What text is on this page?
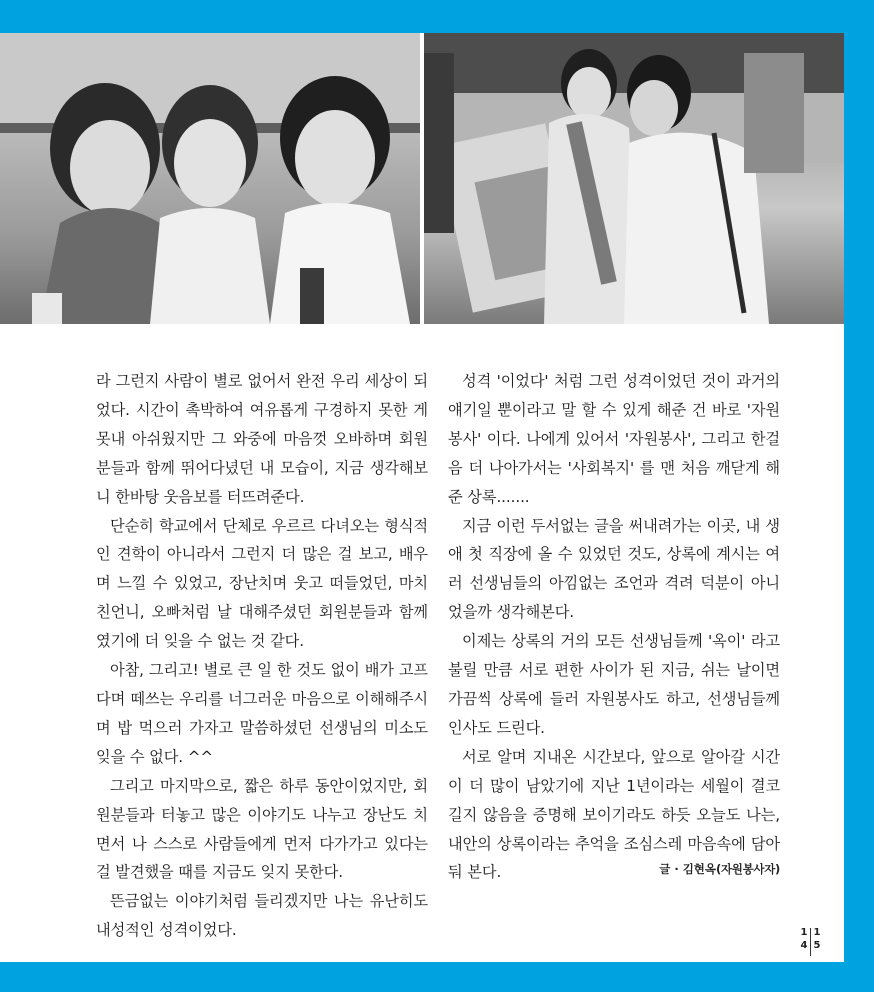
라 그런지 사람이 별로 없어서 완전 우리 세상이 되었다. 시간이 촉박하여 여유롭게 구경하지 못한 게 못내 아쉬웠지만 그 와중에 마음껏 오바하며 회원분들과 함께 뛰어다녔던 내 모습이, 지금 생각해보니 한바탕 웃음보를 터뜨려준다.

단순히 학교에서 단체로 우르르 다녀오는 형식적인 견학이 아니라서 그런지 더 많은 걸 보고, 배우며 느낄 수 있었고, 장난치며 웃고 떠들었던, 마치 친언니, 오빠처럼 날 대해주셨던 회원분들과 함께였기에 더 잊을 수 없는 것 같다.

아참, 그리고! 별로 큰 일 한 것도 없이 배가 고프다며 떼쓰는 우리를 너그러운 마음으로 이해해주시며 밥 먹으러 가자고 말씀하셨던 선생님의 미소도 잊을 수 없다. ^^

그리고 마지막으로, 짧은 하루 동안이었지만, 회원분들과 터놓고 많은 이야기도 나누고 장난도 치면서 나 스스로 사람들에게 먼저 다가가고 있다는 걸 발견했을 때를 지금도 잊지 못한다.

뜬금없는 이야기처럼 들리겠지만 나는 유난히도 내성적인 성격이었다.

성격 '이었다' 처럼 그런 성격이었던 것이 과거의 얘기일 뿐이라고 말 할 수 있게 해준 건 바로 '자원봉사' 이다. 나에게 있어서 '자원봉사', 그리고 한걸음 더 나아가서는 '사회복지' 를 맨 처음 깨닫게 해준 상록.......

지금 이런 두서없는 글을 써내려가는 이곳, 내 생애 첫 직장에 올 수 있었던 것도, 상록에 계시는 여러 선생님들의 아낌없는 조언과 격려 덕분이 아니었을까 생각해본다.

이제는 상록의 거의 모든 선생님들께 '옥이' 라고 불릴 만큼 서로 편한 사이가 된 지금, 쉬는 날이면 가끔씩 상록에 들러 자원봉사도 하고, 선생님들께 인사도 드린다.

서로 알며 지내온 시간보다, 앞으로 알아갈 시간이 더 많이 남았기에 지난 1년이라는 세월이 결코 길지 않음을 증명해 보이기라도 하듯 오늘도 나는, 내안의 상록이라는 추억을 조심스레 마음속에 담아둬 본다.	글 · 김현옥(자원봉사자)
1
4
1
5
